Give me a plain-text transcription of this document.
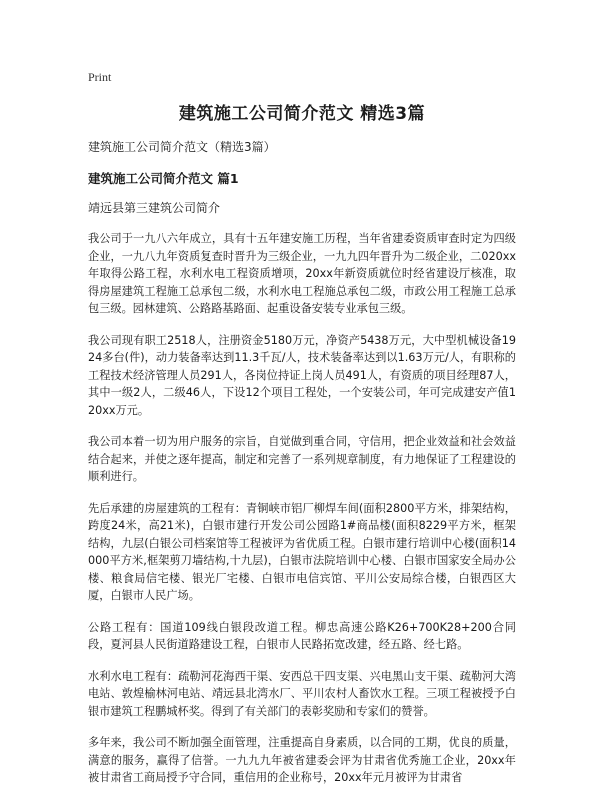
Print
建筑施工公司简介范文 精选3篇
建筑施工公司简介范文（精选3篇）
建筑施工公司简介范文 篇1
靖远县第三建筑公司简介

我公司于一九八六年成立，具有十五年建安施工历程，当年省建委资质审查时定为四级企业，一九八九年资质复查时晋升为三级企业，一九九四年晋升为二级企业，二020xx年取得公路工程，水利水电工程资质增项，20xx年新资质就位时经省建设厅核准，取得房屋建筑工程施工总承包二级，水利水电工程施总承包二级，市政公用工程施工总承包三级。园林建筑、公路路基路面、起重设备安装专业承包三级。

我公司现有职工2518人，注册资金5180万元，净资产5438万元，大中型机械设备1924多台(件)，动力装备率达到11.3千瓦/人，技术装备率达到以1.63万元/人，有职称的工程技术经济管理人员291人，各岗位持证上岗人员491人，有资质的项目经理87人，其中一级2人，二级46人，下设12个项目工程处，一个安装公司，年可完成建安产值120xx万元。

我公司本着一切为用户服务的宗旨，自觉做到重合同，守信用，把企业效益和社会效益结合起来，并使之逐年提高，制定和完善了一系列规章制度，有力地保证了工程建设的顺利进行。

先后承建的房屋建筑的工程有：青铜峡市铝厂柳焊车间(面积2800平方米，排架结构，跨度24米，高21米)，白银市建行开发公司公园路1#商品楼(面积8229平方米，框架结构，九层(白银公司档案馆等工程被评为省优质工程。白银市建行培训中心楼(面积14000平方米,框架剪刀墙结构,十九层)，白银市法院培训中心楼、白银市国家安全局办公楼、粮食局信宅楼、银光厂宅楼、白银市电信宾馆、平川公安局综合楼，白银西区大厦，白银市人民广场。

公路工程有：国道109线白银段改道工程。柳忠高速公路K26+700K28+200合同段，夏河县人民街道路建设工程，白银市人民路拓宽改建，经五路、经七路。

水利水电工程有：疏勒河花海西干渠、安西总干四支渠、兴电黑山支干渠、疏勒河大湾电站、敦煌榆林河电站、靖远县北湾水厂、平川农村人畜饮水工程。三项工程被授予白银市建筑工程鹏城杯奖。得到了有关部门的表彰奖励和专家们的赞誉。

多年来，我公司不断加强全面管理，注重提高自身素质，以合同的工期，优良的质量，满意的服务，赢得了信誉。一九九九年被省建委会评为甘肃省优秀施工企业，20xx年被甘肃省工商局授予守合同，重信用的企业称号，20xx年元月被评为甘肃省
